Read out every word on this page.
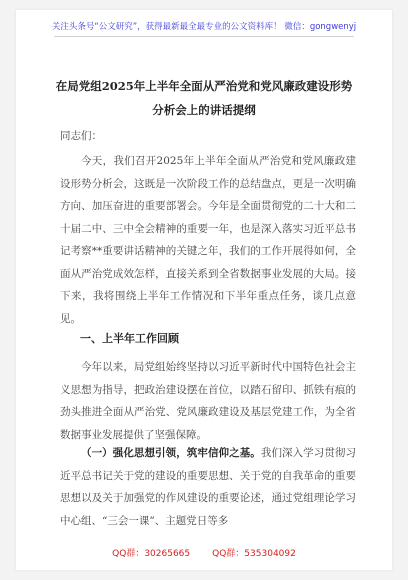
关注头条号“公文研究”，获得最新最全最专业的公文资料库！ 微信：gongwenyj
在局党组2025年上半年全面从严治党和党风廉政建设形势
分析会上的讲话提纲
同志们：

今天，我们召开2025年上半年全面从严治党和党风廉政建设形势分析会，这既是一次阶段工作的总结盘点，更是一次明确方向、加压奋进的重要部署会。今年是全面贯彻党的二十大和二十届二中、三中全会精神的重要一年，也是深入落实习近平总书记考察**重要讲话精神的关键之年，我们的工作开展得如何，全面从严治党成效怎样，直接关系到全省数据事业发展的大局。接下来，我将围绕上半年工作情况和下半年重点任务，谈几点意见。

一、上半年工作回顾

今年以来，局党组始终坚持以习近平新时代中国特色社会主义思想为指导，把政治建设摆在首位，以踏石留印、抓铁有痕的劲头推进全面从严治党、党风廉政建设及基层党建工作，为全省数据事业发展提供了坚强保障。

（一）强化思想引领，筑牢信仰之基。我们深入学习贯彻习近平总书记关于党的建设的重要思想、关于党的自我革命的重要思想以及关于加强党的作风建设的重要论述，通过党组理论学习中心组、“三会一课”、主题党日等多

QQ群：30265665 QQ群：535304092
